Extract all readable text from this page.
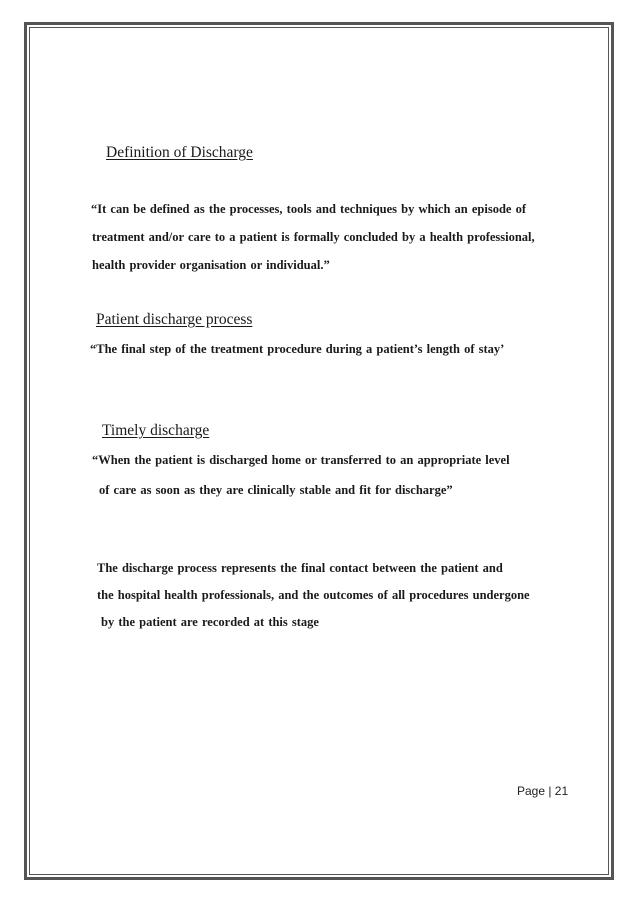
Definition of Discharge
“It can be defined as the processes, tools and techniques by which an episode of
treatment and/or care to a patient is formally concluded by a health professional,
health provider organisation or individual.”
Patient discharge process
“The final step of the treatment procedure during a patient’s length of stay’
Timely discharge
“When the patient is discharged home or transferred to an appropriate level
of care as soon as they are clinically stable and fit for discharge”
The discharge process represents the final contact between the patient and
the hospital health professionals, and the outcomes of all procedures undergone
by the patient are recorded at this stage
Page | 21
